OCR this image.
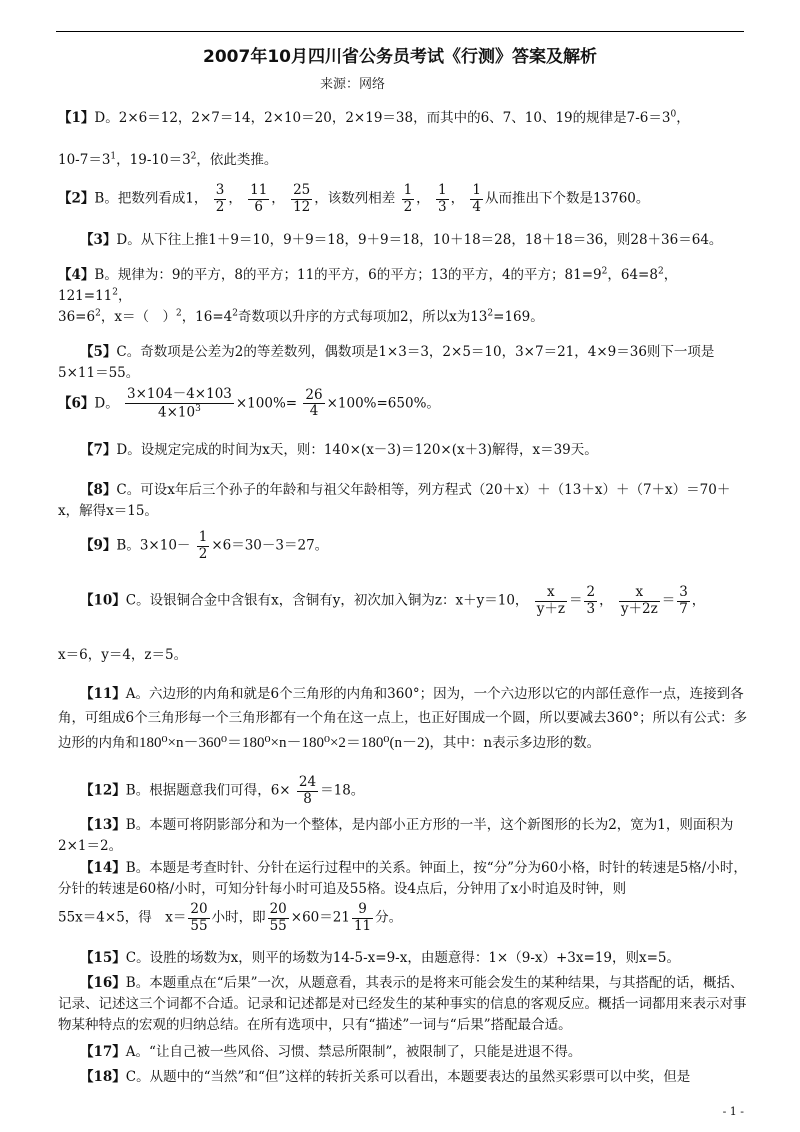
2007年10月四川省公务员考试《行测》答案及解析
来源：网络
【1】D。2×6＝12，2×7＝14，2×10＝20，2×19＝38，而其中的6、7、10、19的规律是$7-6=3^0$，
$10-7=3^1$，$19-10=3^2$，依此类推。
【2】B。把数列看成1， $\frac{3}{2}$ ， $\frac{11}{6}$ ， $\frac{25}{12}$ ，该数列相差 $\frac{1}{2}$ ， $\frac{1}{3}$ ， $\frac{1}{4}$ 从而推出下个数是13760。
【3】D。从下往上推1＋9＝10，9＋9＝18，9＋9＝18，10＋18＝28，18＋18＝36，则28＋36＝64。
【4】B。规律为：9的平方，8的平方；11的平方，6的平方；13的平方，4的平方；$81=9^2$，$64=8^2$，$121=11^2$，
$36=6^2$，x＝（　）$^2$，$16=4^2$奇数项以升序的方式每项加2，所以x为$13^2=169$。
【5】C。奇数项是公差为2的等差数列，偶数项是1×3＝3，2×5＝10，3×7＝21，4×9＝36则下一项是5×11＝55。
【6】D。 $\frac{3\times 104-4\times 103}{4\times 10^3} \times 100\%= \frac{26}{4} \times 100\%=650\%$。
【7】D。设规定完成的时间为x天，则：140×(x－3)＝120×(x＋3)解得，x＝39天。
【8】C。可设x年后三个孙子的年龄和与祖父年龄相等，列方程式（20＋x）＋（13＋x）＋（7＋x）＝70＋x，解得x＝15。
【9】B。$3\times 10- \frac{1}{2} \times 6=30-3=27$。
【10】C。设银铜合金中含银有x，含铜有y，初次加入铜为z：x＋y＝10， $\frac{x}{y+z} = \frac{2}{3}$ ， $\frac{x}{y+2z} = \frac{3}{7}$ ，
x＝6，y＝4，z＝5。
【11】A。六边形的内角和就是6个三角形的内角和360°；因为，一个六边形以它的内部任意作一点，连接到各角，可组成6个三角形每一个三角形都有一个角在这一点上，也正好围成一个圆，所以要减去360°；所以有公式：多边形的内角和180⁰×n－360⁰＝180⁰×n－180⁰×2＝180⁰(n－2)，其中：n表示多边形的数。
【12】B。根据题意我们可得，$6\times \frac{24}{8} =18$。
【13】B。本题可将阴影部分和为一个整体，是内部小正方形的一半，这个新图形的长为2，宽为1，则面积为2×1＝2。
【14】B。本题是考查时针、分针在运行过程中的关系。钟面上，按“分”分为60小格，时针的转速是5格/小时，分针的转速是60格/小时，可知分针每小时可追及55格。设4点后，分钟用了x小时追及时钟，则
55x＝4×5，得　$x= \frac{20}{55}$ 小时，即 $\frac{20}{55} \times 60=21 \frac{9}{11}$ 分。
【15】C。设胜的场数为x，则平的场数为14-5-x=9-x，由题意得：1×（9-x）+3x=19，则x=5。
【16】B。本题重点在“后果”一次，从题意看，其表示的是将来可能会发生的某种结果，与其搭配的话，概括、记录、记述这三个词都不合适。记录和记述都是对已经发生的某种事实的信息的客观反应。概括一词都用来表示对事物某种特点的宏观的归纳总结。在所有选项中，只有“描述”一词与“后果”搭配最合适。
【17】A。“让自己被一些风俗、习惯、禁忌所限制”，被限制了，只能是进退不得。
【18】C。从题中的“当然”和“但”这样的转折关系可以看出，本题要表达的虽然买彩票可以中奖，但是
- 1 -
